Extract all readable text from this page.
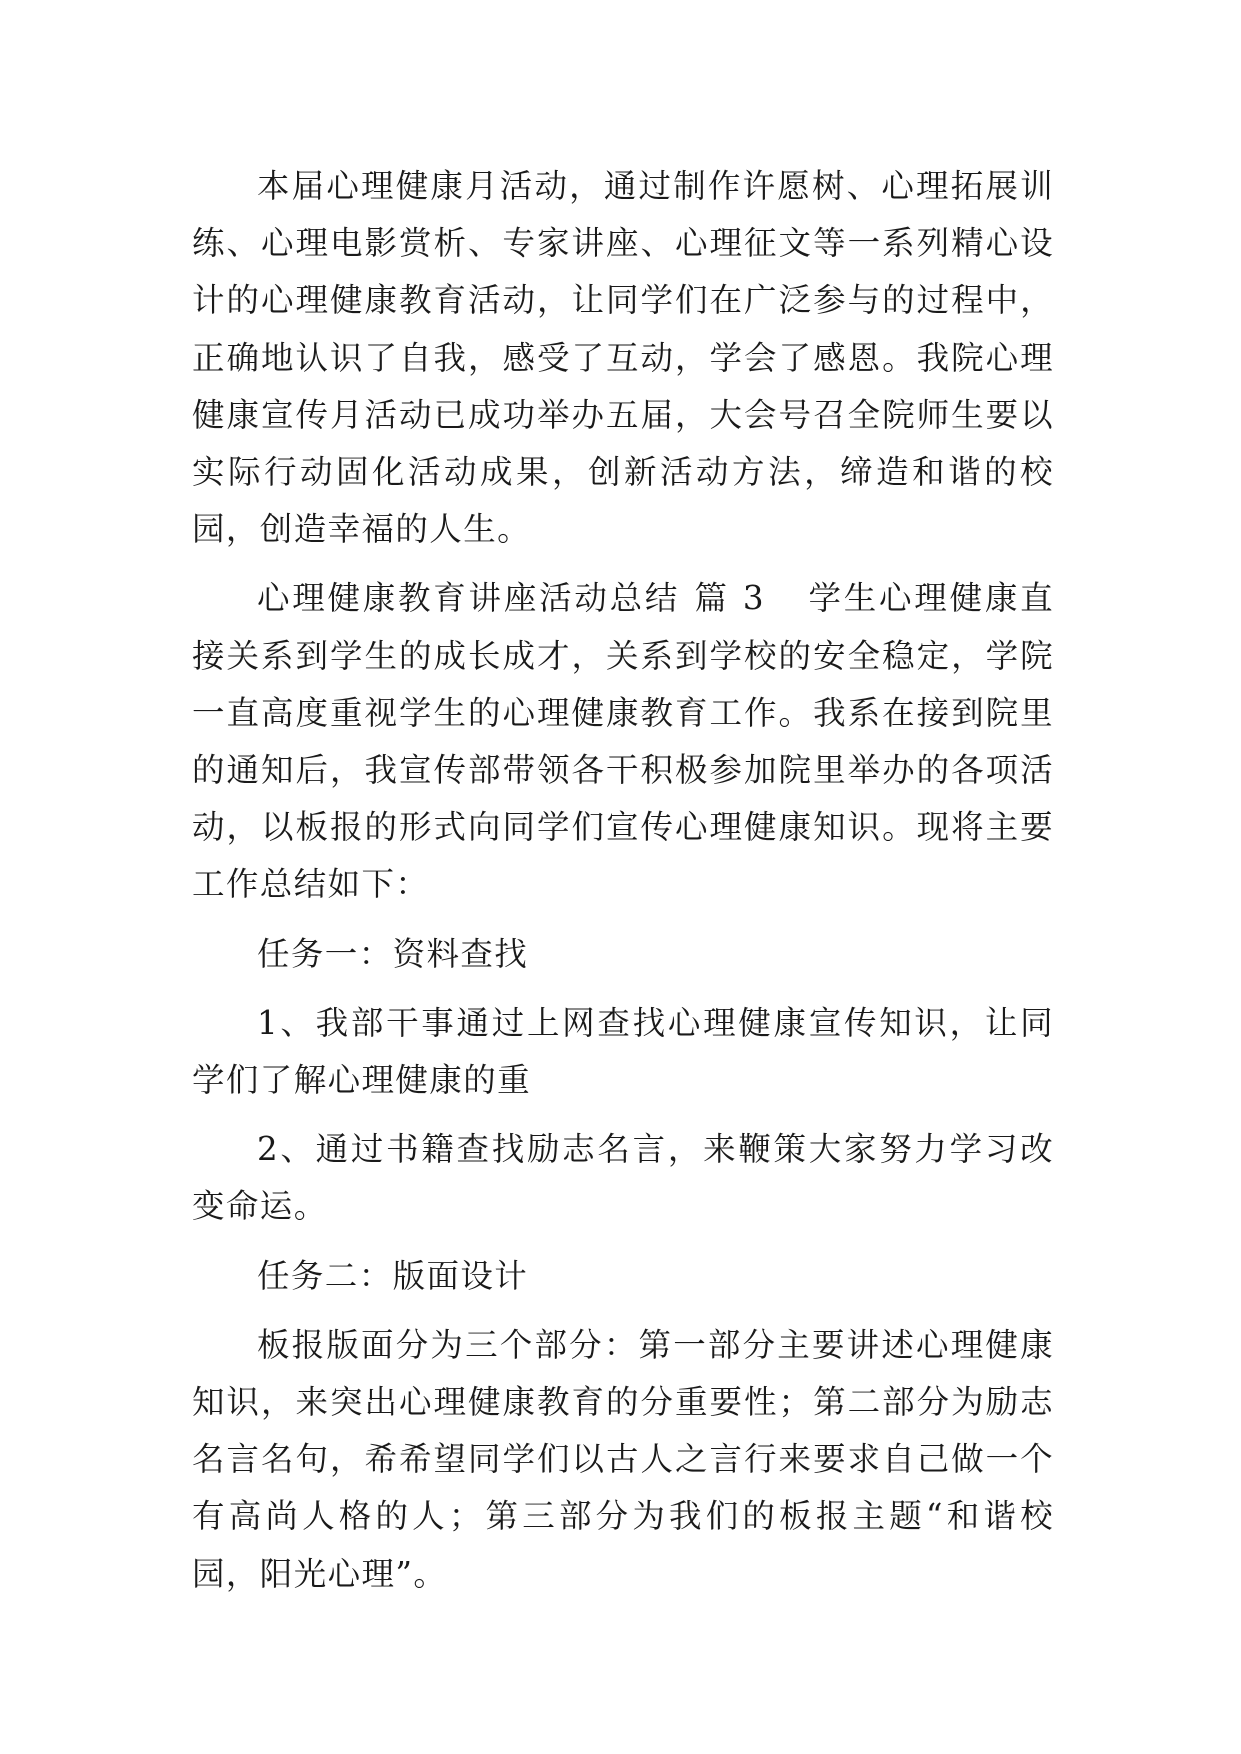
本届心理健康月活动，通过制作许愿树、心理拓展训练、心理电影赏析、专家讲座、心理征文等一系列精心设计的心理健康教育活动，让同学们在广泛参与的过程中，正确地认识了自我，感受了互动，学会了感恩。我院心理健康宣传月活动已成功举办五届，大会号召全院师生要以实际行动固化活动成果，创新活动方法，缔造和谐的校园，创造幸福的人生。

心理健康教育讲座活动总结 篇 3 学生心理健康直接关系到学生的成长成才，关系到学校的安全稳定，学院一直高度重视学生的心理健康教育工作。我系在接到院里的通知后，我宣传部带领各干积极参加院里举办的各项活动，以板报的形式向同学们宣传心理健康知识。现将主要工作总结如下：

任务一：资料查找

1、我部干事通过上网查找心理健康宣传知识，让同学们了解心理健康的重

2、通过书籍查找励志名言，来鞭策大家努力学习改变命运。

任务二：版面设计

板报版面分为三个部分：第一部分主要讲述心理健康知识，来突出心理健康教育的分重要性；第二部分为励志名言名句，希希望同学们以古人之言行来要求自己做一个有高尚人格的人；第三部分为我们的板报主题“和谐校园，阳光心理”。
